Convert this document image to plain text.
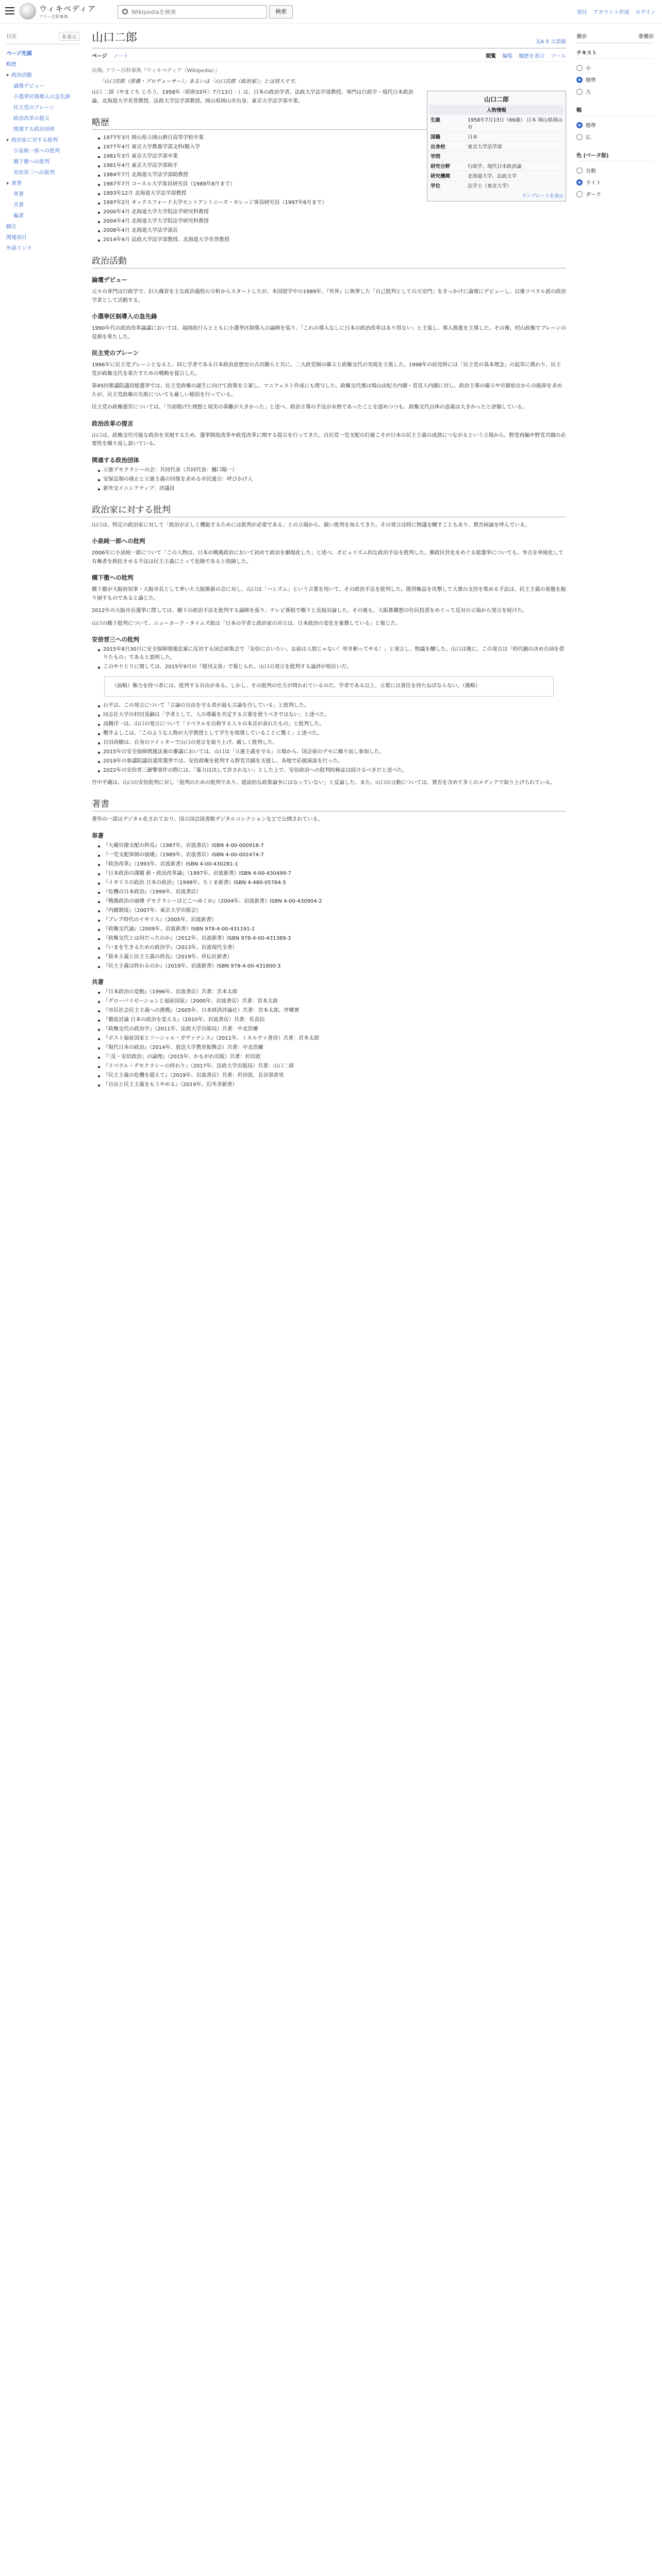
ウィキペディア
フリー百科事典
Wikipediaを検索	検索	寄付 アカウント作成 ログイン
目次	非表示
ページ先頭
略歴
▾ 政治活動
論壇デビュー
小選挙区制導入の急先鋒
民主党のブレーン
政治改革の提言
関連する政治団体
▾ 政治家に対する批判
小泉純一郎への批判
橋下徹への批判
安倍晋三への批判
▾ 著書
単著
共著
編著
脚注
関連項目
外部リンク
表示	非表示
テキスト
小
標準
大
幅
標準
広
色 (ベータ版)
自動
ライト
ダーク
山口二郎	文A 5 言語版
ページ ノート	閲覧 編集 履歴を表示 ツール
出典: フリー百科事典『ウィキペディア（Wikipedia）』
「山口次郎（俳優・プロデューサー）」あるいは「山口次郎（政治家）」とは別人です。
山口二郎
人物情報
生誕	1958年7月13日（66歳） 日本 岡山県岡山市
国籍	日本
出身校	東京大学法学部
学問
研究分野	行政学、現代日本政治論
研究機関	北海道大学、法政大学
学位	法学士（東京大学）
テンプレートを表示

山口 二郎（やまぐち じろう、1958年〈昭和33年〉7月13日 - ）は、日本の政治学者、法政大学法学部教授。専門は行政学・現代日本政治論。北海道大学名誉教授、法政大学法学部教授。岡山県岡山市出身。東京大学法学部卒業。

略歴
1977年3月 岡山県立岡山朝日高等学校卒業
1977年4月 東京大学教養学部文科Ⅰ類入学
1981年3月 東京大学法学部卒業
1981年4月 東京大学法学部助手
1984年7月 北海道大学法学部助教授
1987年7月 コーネル大学客員研究員（1989年8月まで）
1993年12月 北海道大学法学部教授
1997年2月 オックスフォード大学セントアントニーズ・カレッジ客員研究員（1997年6月まで）
2000年4月 北海道大学大学院法学研究科教授
2004年4月 北海道大学大学院法学研究科教授
2008年4月 北海道大学法学部長
2014年4月 法政大学法学部教授、北海道大学名誉教授
政治活動
論壇デビュー

元々の専門は行政学で、旧大蔵省を主な政治過程の分析からスタートしたが、米国留学中の1989年、『世界』に執筆した「自己批判としての天安門」をきっかけに論壇にデビューし、以後リベラル派の政治学者として活動する。

小選挙区制導入の急先鋒

1990年代の政治改革論議においては、福岡政行らとともに小選挙区制導入の論陣を張り、「これの導入なしに日本の政治改革はあり得ない」と主張し、導入推進を主導した。その後、村山政権でブレーンの役割を果たした。

民主党のブレーン

1996年に民主党ブレーンとなると、同じ学者である日本政治思想史の吉田徹らと共に、二大政党制の確立と政権交代の実現を主張した。1998年の結党時には「民主党の基本理念」の起草に携わり、民主党が政権交代を果たすための戦略を提言した。

第45回衆議院議員総選挙では、民主党政権の誕生に向けて政策を立案し、マニフェスト作成にも関与した。政権交代後は鳩山由紀夫内閣・菅直人内閣に対し、政治主導の確立や官僚依存からの脱却を求めたが、民主党政権の失敗についても厳しい総括を行っている。

民主党の政権運営については、「当初掲げた理想と現実の乖離が大きかった」と述べ、政治主導の手法が未熟であったことを認めつつも、政権交代自体の意義は大きかったと評価している。

政治改革の提言

山口は、政権交代可能な政治を実現するため、選挙制度改革や政党改革に関する提言を行ってきた。自民党一党支配の打破こそが日本の民主主義の成熟につながるという立場から、野党再編や野党共闘の必要性を繰り返し説いている。

関連する政治団体
立憲デモクラシーの会：共同代表（共同代表：樋口陽一）
安保法制の廃止と立憲主義の回復を求める市民連合：呼びかけ人
新外交イニシアティブ：評議員
政治家に対する批判

山口は、特定の政治家に対して「政治が正しく機能するためには批判が必要である」との立場から、鋭い批判を加えてきた。その発言は時に物議を醸すこともあり、賛否両論を呼んでいる。

小泉純一郎への批判

2006年に小泉純一郎について「この人物は、日本の戦後政治において初めて政治を劇場化した」と述べ、ポピュリズム的な政治手法を批判した。郵政民営化をめぐる総選挙についても、争点を単純化して有権者を熱狂させる手法は民主主義にとって危険であると指摘した。

橋下徹への批判

橋下徹が大阪府知事・大阪市長として率いた大阪維新の会に対し、山口は「ハシズム」という言葉を用いて、その政治手法を批判した。既得権益を攻撃して大衆の支持を集める手法は、民主主義の基盤を掘り崩すものであると論じた。

2012年の大阪市長選挙に際しては、橋下の政治手法を批判する論陣を張り、テレビ番組で橋下と直接対論した。その後も、大阪都構想の住民投票をめぐって反対の立場から発言を続けた。

山口の橋下批判について、ニューヨーク・タイムズ紙は「日本の学者と政治家の対立は、日本政治の変化を象徴している」と報じた。

安倍晋三への批判
2015年8月30日に安全保障関連法案に反対する国会前集会で「安倍に言いたい。お前は人間じゃない！叩き斬ってやる！」と発言し、物議を醸した。山口は後に、この発言は「時代劇の決め台詞を借りたもの」であると説明した。
このやりとりに関しては、2015年9月の『週刊文春』で報じられ、山口の発言を批判する論評が相次いだ。
（前略）権力を持つ者には、批判する自由がある。しかし、その批判の仕方が問われているのだ。学者である以上、言葉には責任を持たねばならない。（後略）
石平は、この発言について「言論の自由を守る者が最も言論を汚している」と批判した。
同志社大学の村田晃嗣は「学者として、人の尊厳を否定する言葉を使うべきではない」と述べた。
高橋洋一は、山口の発言について「リベラルを自称する人々の本音が表れたもの」と批判した。
櫻井よしこは、「このような人物が大学教授として学生を指導していることに驚く」と述べた。
百田尚樹は、自身のツイッターで山口の発言を取り上げ、厳しく批判した。
2015年の安全保障関連法案の審議においては、山口は「立憲主義を守る」立場から、国会前のデモに繰り返し参加した。
2019年の参議院議員通常選挙では、安倍政権を批判する野党共闘を支援し、各地で応援演説を行った。
2022年の安倍晋三銃撃事件の際には、「暴力は決して許されない」とした上で、安倍政治への批判的検証は続けるべきだと述べた。

竹中平蔵は、山口の安倍批判に対し「批判のための批判であり、建設的な政策論争にはなっていない」と反論した。また、山口の言動については、賛否を含めて多くのメディアで取り上げられている。

著書

著作の一部はデジタル化されており、国立国会図書館デジタルコレクションなどで公開されている。

単著
『大蔵官僚支配の終焉』（1987年、岩波書店）ISBN 4-00-000918-7
『一党支配体制の崩壊』（1989年、岩波書店）ISBN 4-00-002474-7
『政治改革』（1993年、岩波新書）ISBN 4-00-430281-1
『日本政治の課題 新・政治改革論』（1997年、岩波新書）ISBN 4-00-430499-7
『イギリスの政治 日本の政治』（1998年、ちくま新書）ISBN 4-480-05764-5
『危機の日本政治』（1999年、岩波書店）
『戦後政治の崩壊 デモクラシーはどこへゆくか』（2004年、岩波新書）ISBN 4-00-430904-2
『内閣制度』（2007年、東京大学出版会）
『ブレア時代のイギリス』（2005年、岩波新書）
『政権交代論』（2009年、岩波新書）ISBN 978-4-00-431191-2
『政権交代とは何だったのか』（2012年、岩波新書）ISBN 978-4-00-431389-3
『いまを生きるための政治学』（2013年、岩波現代全書）
『資本主義と民主主義の終焉』（2019年、祥伝社新書）
『民主主義は終わるのか』（2019年、岩波新書）ISBN 978-4-00-431800-3
共著
『日本政治の変動』（1996年、岩波書店）共著：宮本太郎
『グローバリゼーションと福祉国家』（2000年、岩波書店）共著：宮本太郎
『市民社会民主主義への挑戦』（2005年、日本経済評論社）共著：宮本太郎、坪郷實
『徹底討論 日本の政治を変える』（2010年、岩波書店）共著：佐高信
『政権交代の政治学』（2011年、法政大学出版局）共著：中北浩爾
『ポスト福祉国家とソーシャル・ガヴァナンス』（2011年、ミネルヴァ書房）共著：宮本太郎
『現代日本の政治』（2014年、放送大学教育振興会）共著：中北浩爾
『「反・安倍政治」の論理』（2015年、かもがわ出版）共著：杉田敦
『リベラル・デモクラシーの終わり』（2017年、法政大学出版局）共著：山口二郎
『民主主義の危機を超えて』（2019年、岩波書店）共著：杉田敦、長谷部恭男
『自由と民主主義をもうやめる』（2019年、幻冬舎新書）
